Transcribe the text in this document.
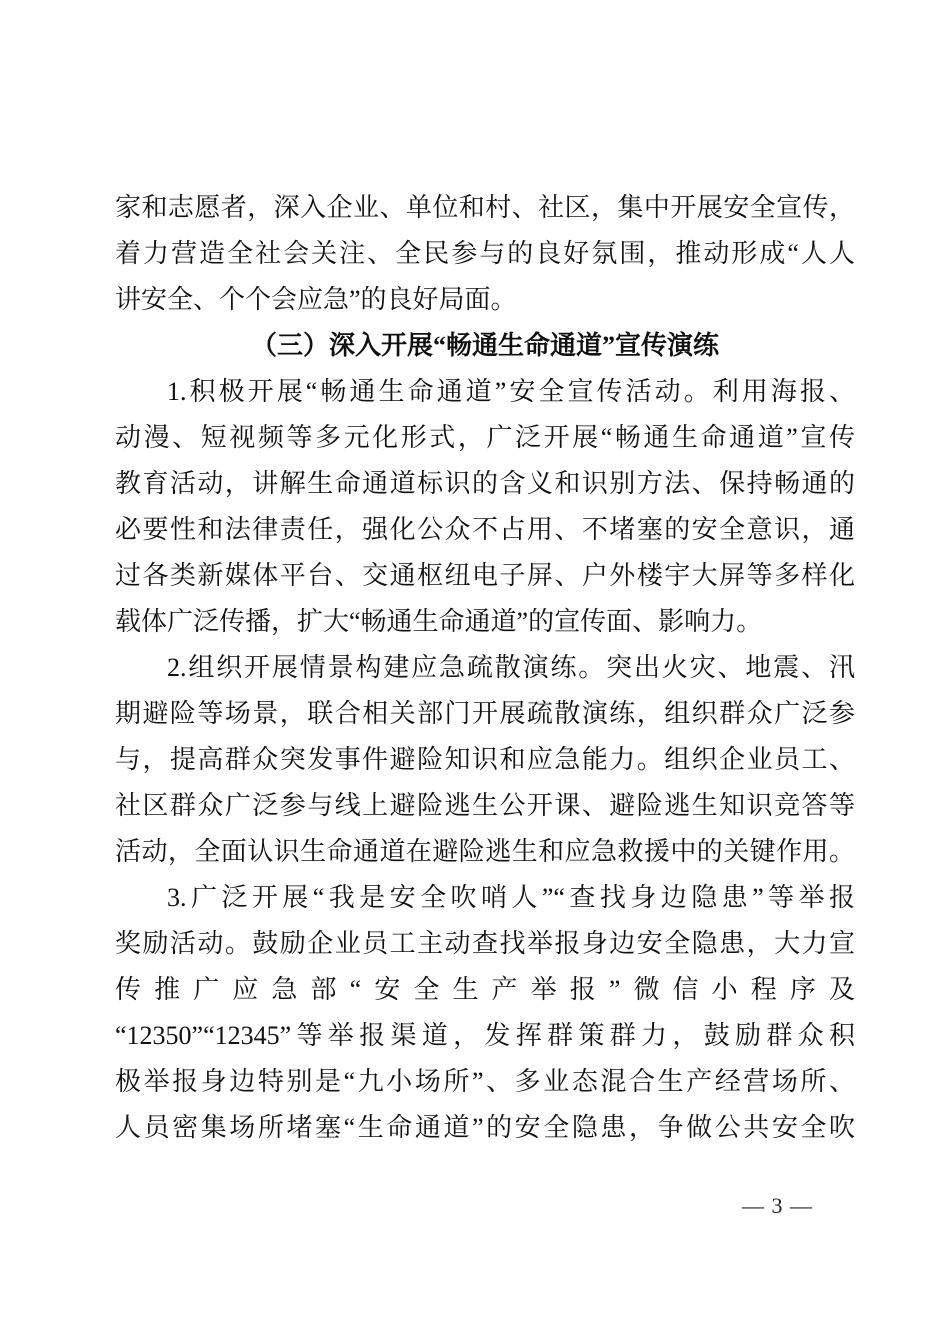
家和志愿者，深入企业、单位和村、社区，集中开展安全宣传，
着力营造全社会关注、全民参与的良好氛围，推动形成“人人
讲安全、个个会应急”的良好局面。
（三）深入开展“畅通生命通道”宣传演练
1.积极开展“畅通生命通道”安全宣传活动。利用海报、
动漫、短视频等多元化形式，广泛开展“畅通生命通道”宣传
教育活动，讲解生命通道标识的含义和识别方法、保持畅通的
必要性和法律责任，强化公众不占用、不堵塞的安全意识，通
过各类新媒体平台、交通枢纽电子屏、户外楼宇大屏等多样化
载体广泛传播，扩大“畅通生命通道”的宣传面、影响力。
2.组织开展情景构建应急疏散演练。突出火灾、地震、汛
期避险等场景，联合相关部门开展疏散演练，组织群众广泛参
与，提高群众突发事件避险知识和应急能力。组织企业员工、
社区群众广泛参与线上避险逃生公开课、避险逃生知识竞答等
活动，全面认识生命通道在避险逃生和应急救援中的关键作用。
3.广泛开展“我是安全吹哨人”“查找身边隐患”等举报
奖励活动。鼓励企业员工主动查找举报身边安全隐患，大力宣
传推广应急部“安全生产举报”微信小程序及
“12350”“12345”等举报渠道，发挥群策群力，鼓励群众积
极举报身边特别是“九小场所”、多业态混合生产经营场所、
人员密集场所堵塞“生命通道”的安全隐患，争做公共安全吹
— 3 —
